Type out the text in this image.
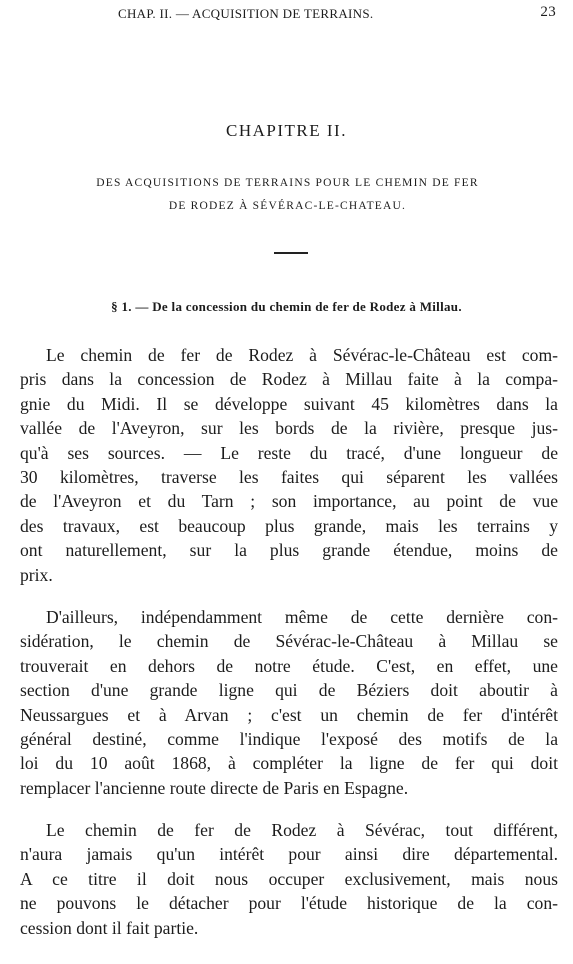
CHAP. II. — ACQUISITION DE TERRAINS.	23
CHAPITRE II.
DES ACQUISITIONS DE TERRAINS POUR LE CHEMIN DE FER
DE RODEZ À SÉVÉRAC-LE-CHATEAU.
§ 1. — De la concession du chemin de fer de Rodez à Millau.
Le chemin de fer de Rodez à Sévérac-le-Château est com-
pris dans la concession de Rodez à Millau faite à la compa-
gnie du Midi. Il se développe suivant 45 kilomètres dans la
vallée de l'Aveyron, sur les bords de la rivière, presque jus-
qu'à ses sources. — Le reste du tracé, d'une longueur de
30 kilomètres, traverse les faites qui séparent les vallées
de l'Aveyron et du Tarn ; son importance, au point de vue
des travaux, est beaucoup plus grande, mais les terrains y
ont naturellement, sur la plus grande étendue, moins de
prix.
D'ailleurs, indépendamment même de cette dernière con-
sidération, le chemin de Sévérac-le-Château à Millau se
trouverait en dehors de notre étude. C'est, en effet, une
section d'une grande ligne qui de Béziers doit aboutir à
Neussargues et à Arvan ; c'est un chemin de fer d'intérêt
général destiné, comme l'indique l'exposé des motifs de la
loi du 10 août 1868, à compléter la ligne de fer qui doit
remplacer l'ancienne route directe de Paris en Espagne.
Le chemin de fer de Rodez à Sévérac, tout différent,
n'aura jamais qu'un intérêt pour ainsi dire départemental.
A ce titre il doit nous occuper exclusivement, mais nous
ne pouvons le détacher pour l'étude historique de la con-
cession dont il fait partie.
